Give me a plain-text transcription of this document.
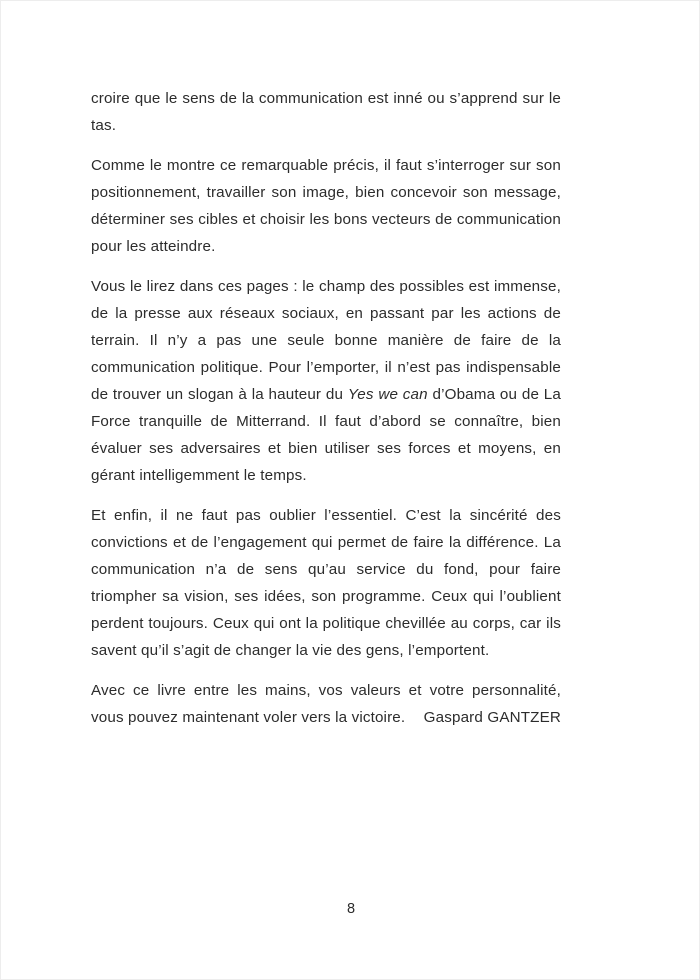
croire que le sens de la communication est inné ou s’apprend sur le tas.

Comme le montre ce remarquable précis, il faut s’interroger sur son positionnement, travailler son image, bien concevoir son message, déterminer ses cibles et choisir les bons vecteurs de communication pour les atteindre.

Vous le lirez dans ces pages : le champ des possibles est immense, de la presse aux réseaux sociaux, en passant par les actions de terrain. Il n’y a pas une seule bonne manière de faire de la communication politique. Pour l’emporter, il n’est pas indispensable de trouver un slogan à la hauteur du Yes we can d’Obama ou de La Force tranquille de Mitterrand. Il faut d’abord se connaître, bien évaluer ses adversaires et bien utiliser ses forces et moyens, en gérant intelligemment le temps.

Et enfin, il ne faut pas oublier l’essentiel. C’est la sincérité des convictions et de l’engagement qui permet de faire la différence. La communication n’a de sens qu’au service du fond, pour faire triompher sa vision, ses idées, son programme. Ceux qui l’oublient perdent toujours. Ceux qui ont la politique chevillée au corps, car ils savent qu’il s’agit de changer la vie des gens, l’emportent.

Avec ce livre entre les mains, vos valeurs et votre personnalité, vous pouvez maintenant voler vers la victoire.	Gaspard GANTZER
8
